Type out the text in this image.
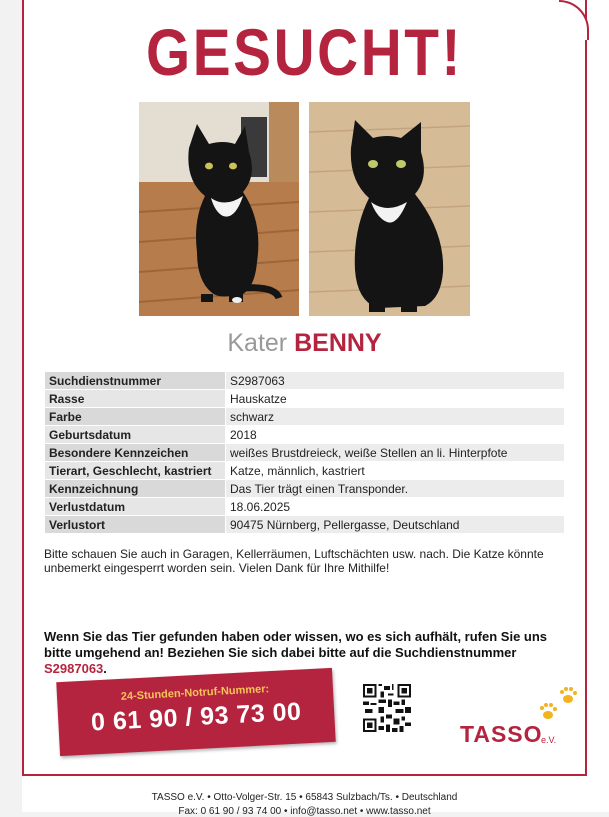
GESUCHT!
Kater BENNY
Suchdienstnummer	S2987063
Rasse	Hauskatze
Farbe	schwarz
Geburtsdatum	2018
Besondere Kennzeichen	weißes Brustdreieck, weiße Stellen an li. Hinterpfote
Tierart, Geschlecht, kastriert	Katze, männlich, kastriert
Kennzeichnung	Das Tier trägt einen Transponder.
Verlustdatum	18.06.2025
Verlustort	90475 Nürnberg, Pellergasse, Deutschland
Bitte schauen Sie auch in Garagen, Kellerräumen, Luftschächten usw. nach. Die Katze könnte unbemerkt eingesperrt worden sein. Vielen Dank für Ihre Mithilfe!
Wenn Sie das Tier gefunden haben oder wissen, wo es sich aufhält, rufen Sie uns bitte umgehend an! Beziehen Sie sich dabei bitte auf die Suchdienstnummer S2987063.
24-Stunden-Notruf-Nummer:
0 61 90 / 93 73 00	TASSO
e.V.
TASSO e.V. • Otto-Volger-Str. 15 • 65843 Sulzbach/Ts. • Deutschland
Fax: 0 61 90 / 93 74 00 • info@tasso.net • www.tasso.net
